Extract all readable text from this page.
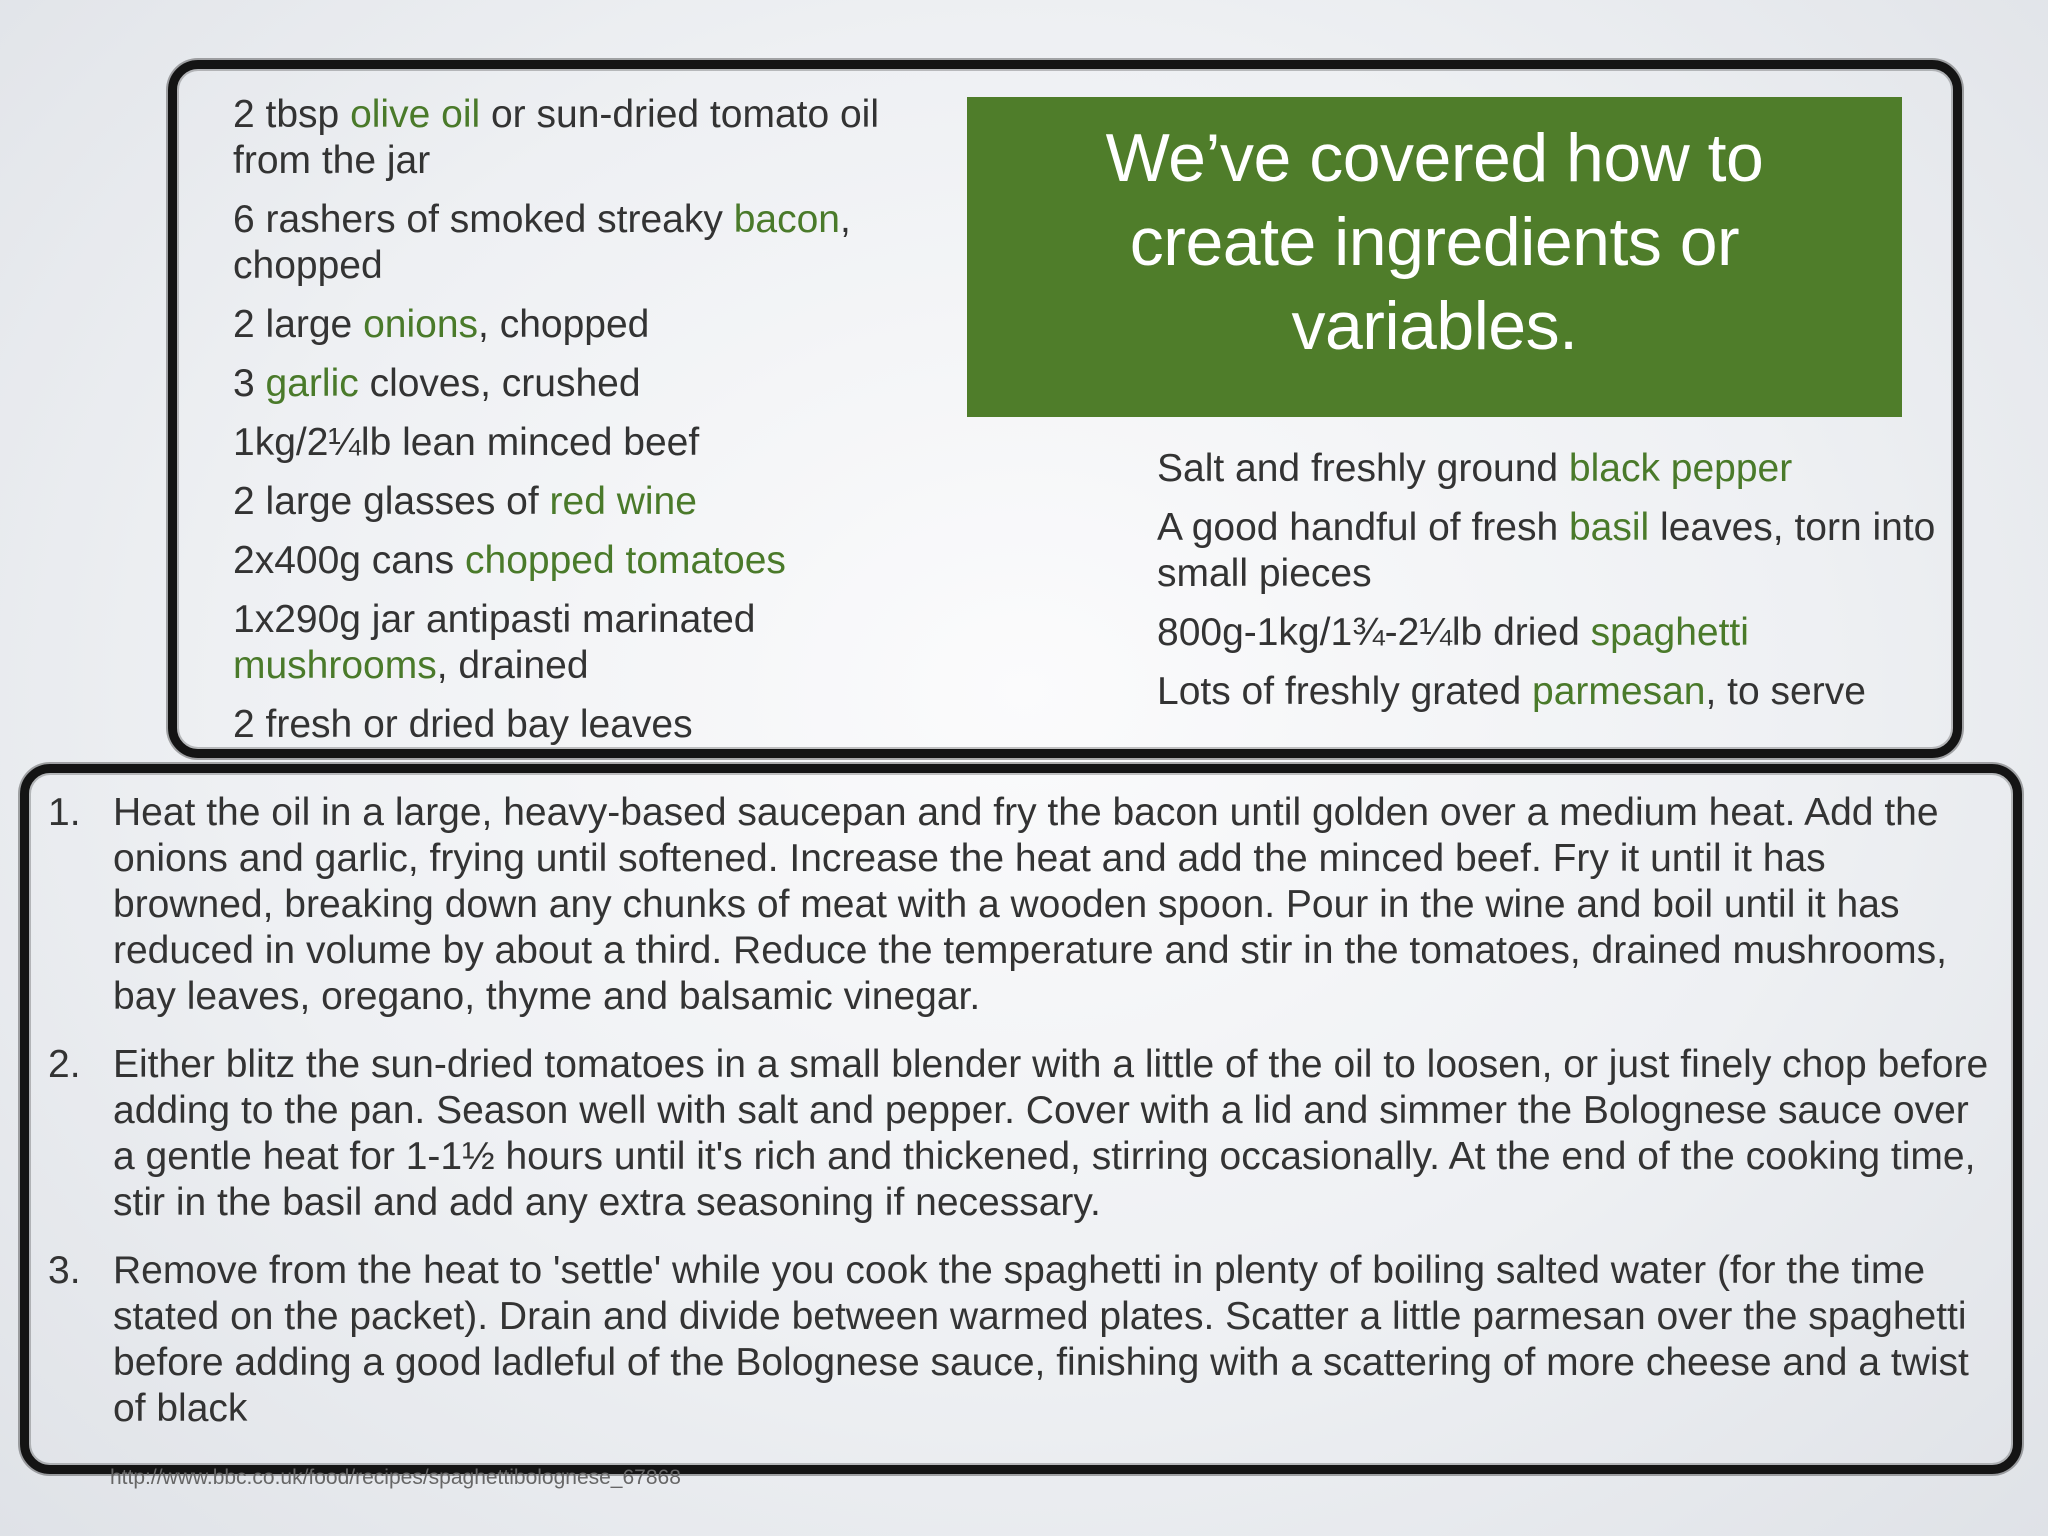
2 tbsp olive oil or sun-dried tomato oil from the jar
6 rashers of smoked streaky bacon, chopped
2 large onions, chopped
3 garlic cloves, crushed
1kg/2¼lb lean minced beef
2 large glasses of red wine
2x400g cans chopped tomatoes
1x290g jar antipasti marinated mushrooms, drained
2 fresh or dried bay leaves
Salt and freshly ground black pepper
A good handful of fresh basil leaves, torn into small pieces
800g-1kg/1¾-2¼lb dried spaghetti
Lots of freshly grated parmesan, to serve
We’ve covered how to create ingredients or variables.
1. Heat the oil in a large, heavy-based saucepan and fry the bacon until golden over a medium heat. Add the onions and garlic, frying until softened. Increase the heat and add the minced beef. Fry it until it has browned, breaking down any chunks of meat with a wooden spoon. Pour in the wine and boil until it has reduced in volume by about a third. Reduce the temperature and stir in the tomatoes, drained mushrooms, bay leaves, oregano, thyme and balsamic vinegar.
2. Either blitz the sun-dried tomatoes in a small blender with a little of the oil to loosen, or just finely chop before adding to the pan. Season well with salt and pepper. Cover with a lid and simmer the Bolognese sauce over a gentle heat for 1-1½ hours until it's rich and thickened, stirring occasionally. At the end of the cooking time, stir in the basil and add any extra seasoning if necessary.
3. Remove from the heat to 'settle' while you cook the spaghetti in plenty of boiling salted water (for the time stated on the packet). Drain and divide between warmed plates. Scatter a little parmesan over the spaghetti before adding a good ladleful of the Bolognese sauce, finishing with a scattering of more cheese and a twist of black
http://www.bbc.co.uk/food/recipes/spaghettibolognese_67868
